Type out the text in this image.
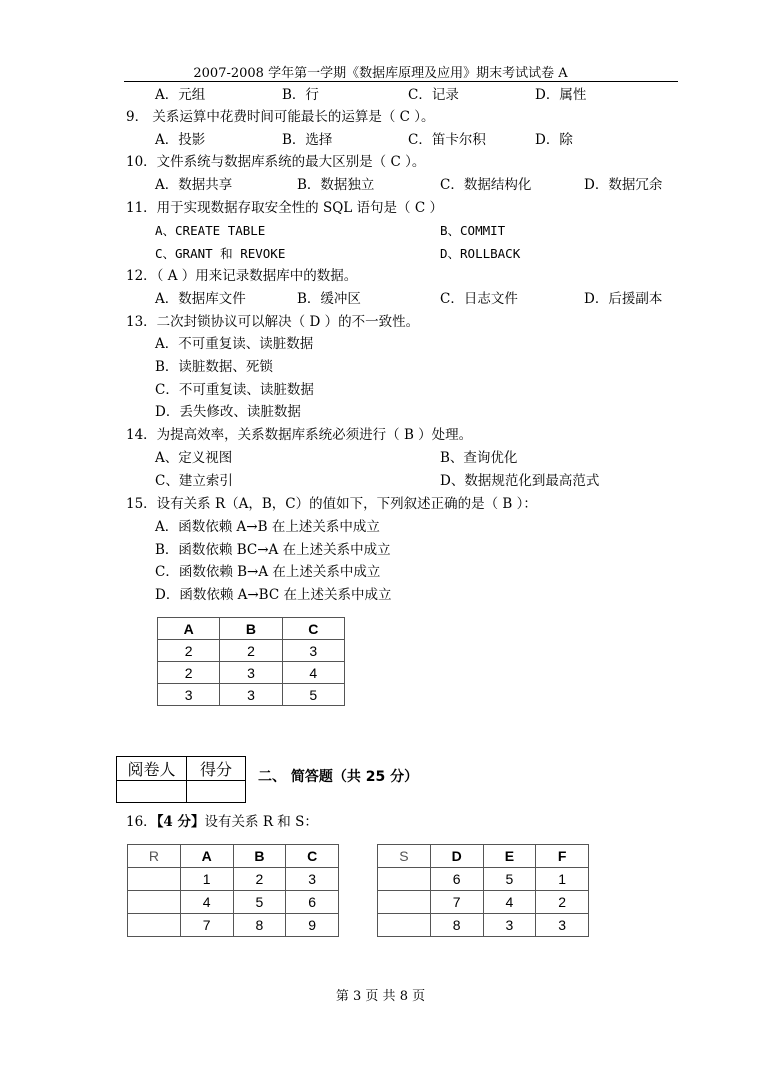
2007-2008 学年第一学期《数据库原理及应用》期末考试试卷 A
A．元组	B．行	C．记录	D．属性
9． 关系运算中花费时间可能最长的运算是（ C ）。
A．投影	B．选择	C．笛卡尔积	D．除
10．文件系统与数据库系统的最大区别是（ C ）。
A．数据共享	B．数据独立	C．数据结构化	D．数据冗余
11．用于实现数据存取安全性的 SQL 语句是（ C ）
A、CREATE TABLE	B、COMMIT
C、GRANT 和 REVOKE	D、ROLLBACK
12．（ A ）用来记录数据库中的数据。
A．数据库文件	B．缓冲区	C．日志文件	D．后援副本
13．二次封锁协议可以解决（ D ）的不一致性。
A．不可重复读、读脏数据
B．读脏数据、死锁
C．不可重复读、读脏数据
D．丢失修改、读脏数据
14．为提高效率，关系数据库系统必须进行（ B ）处理。
A、定义视图	B、查询优化
C、建立索引	D、数据规范化到最高范式
15．设有关系 R（A，B，C）的值如下，下列叙述正确的是（ B ）：
A．函数依赖 A→B 在上述关系中成立
B．函数依赖 BC→A 在上述关系中成立
C．函数依赖 B→A 在上述关系中成立
D．函数依赖 A→BC 在上述关系中成立
A	B	C
2	2	3
2	3	4
3	3	5
阅卷人	得分
	二、 简答题（共 25 分）
16．【4 分】设有关系 R 和 S：
R	A	B	C
	1	2	3
	4	5	6
	7	8	9
S	D	E	F
	6	5	1
	7	4	2
	8	3	3
第 3 页 共 8 页
